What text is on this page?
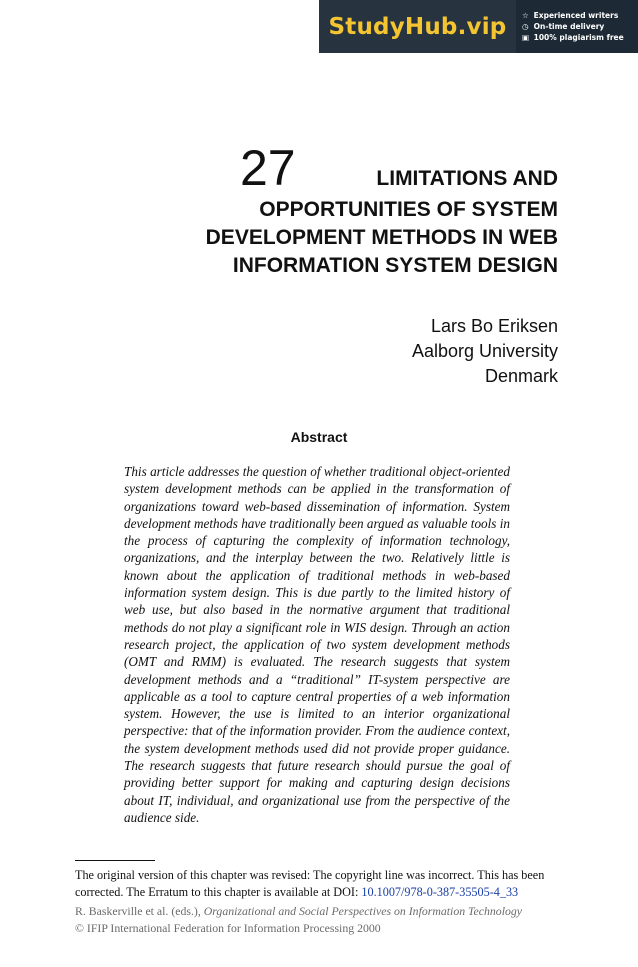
StudyHub.vip	☆ Experienced writers
◷ On-time delivery
▣ 100% plagiarism free
27	LIMITATIONS AND
OPPORTUNITIES OF SYSTEM
DEVELOPMENT METHODS IN WEB
INFORMATION SYSTEM DESIGN
Lars Bo Eriksen
Aalborg University
Denmark
Abstract
This article addresses the question of whether traditional object-oriented system development methods can be applied in the transformation of organizations toward web-based dissemination of information. System development methods have traditionally been argued as valuable tools in the process of capturing the complexity of information technology, organizations, and the interplay between the two. Relatively little is known about the application of traditional methods in web-based information system design. This is due partly to the limited history of web use, but also based in the normative argument that traditional methods do not play a significant role in WIS design. Through an action research project, the application of two system development methods (OMT and RMM) is evaluated. The research suggests that system development methods and a “traditional” IT-system perspective are applicable as a tool to capture central properties of a web information system. However, the use is limited to an interior organizational perspective: that of the information provider. From the audience context, the system development methods used did not provide proper guidance. The research suggests that future research should pursue the goal of providing better support for making and capturing design decisions about IT, individual, and organizational use from the perspective of the audience side.
The original version of this chapter was revised: The copyright line was incorrect. This has been corrected. The Erratum to this chapter is available at DOI: 10.1007/978-0-387-35505-4_33
R. Baskerville et al. (eds.), Organizational and Social Perspectives on Information Technology
© IFIP International Federation for Information Processing 2000
